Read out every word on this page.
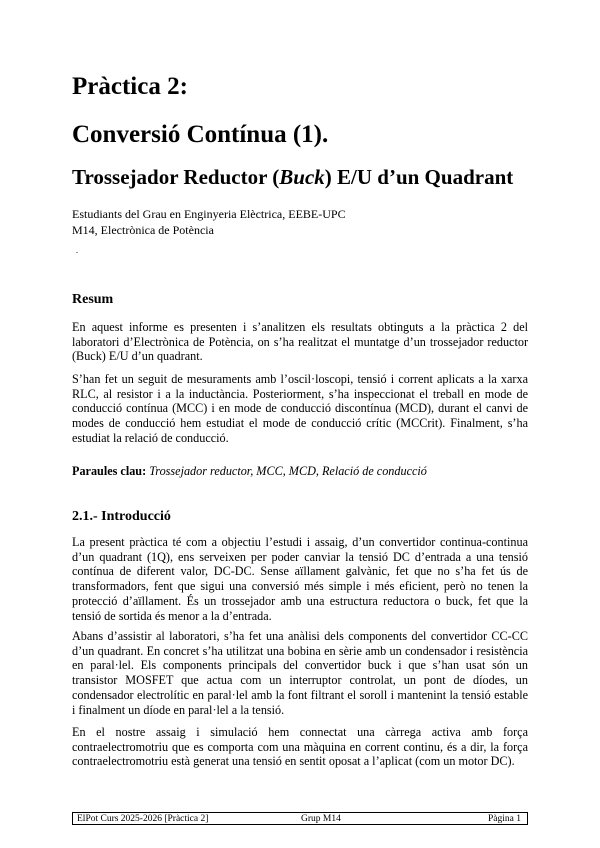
Pràctica 2:
Conversió Contínua (1).
Trossejador Reductor (Buck) E/U d’un Quadrant
Estudiants del Grau en Enginyeria Elèctrica, EEBE-UPC
M14, Electrònica de Potència
Resum
En aquest informe es presenten i s’analitzen els resultats obtinguts a la pràctica 2 del laboratori d’Electrònica de Potència, on s’ha realitzat el muntatge d’un trossejador reductor (Buck) E/U d’un quadrant.
S’han fet un seguit de mesuraments amb l’oscil·loscopi, tensió i corrent aplicats a la xarxa RLC, al resistor i a la inductància. Posteriorment, s’ha inspeccionat el treball en mode de conducció contínua (MCC) i en mode de conducció discontínua (MCD), durant el canvi de modes de conducció hem estudiat el mode de conducció crític (MCCrit). Finalment, s’ha estudiat la relació de conducció.
Paraules clau: Trossejador reductor, MCC, MCD, Relació de conducció
2.1.- Introducció
La present pràctica té com a objectiu l’estudi i assaig, d’un convertidor continua-continua d’un quadrant (1Q), ens serveixen per poder canviar la tensió DC d’entrada a una tensió contínua de diferent valor, DC-DC. Sense aïllament galvànic, fet que no s’ha fet ús de transformadors, fent que sigui una conversió més simple i més eficient, però no tenen la protecció d’aïllament. És un trossejador amb una estructura reductora o buck, fet que la tensió de sortida és menor a la d’entrada.
Abans d’assistir al laboratori, s’ha fet una anàlisi dels components del convertidor CC-CC d’un quadrant. En concret s’ha utilitzat una bobina en sèrie amb un condensador i resistència en paral·lel. Els components principals del convertidor buck i que s’han usat són un transistor MOSFET que actua com un interruptor controlat, un pont de díodes, un condensador electrolític en paral·lel amb la font filtrant el soroll i mantenint la tensió estable i finalment un díode en paral·lel a la tensió.
En el nostre assaig i simulació hem connectat una càrrega activa amb força contraelectromotriu que es comporta com una màquina en corrent continu, és a dir, la força contraelectromotriu està generat una tensió en sentit oposat a l’aplicat (com un motor DC).
ElPot Curs 2025-2026 [Pràctica 2]	Grup M14	Pàgina 1
